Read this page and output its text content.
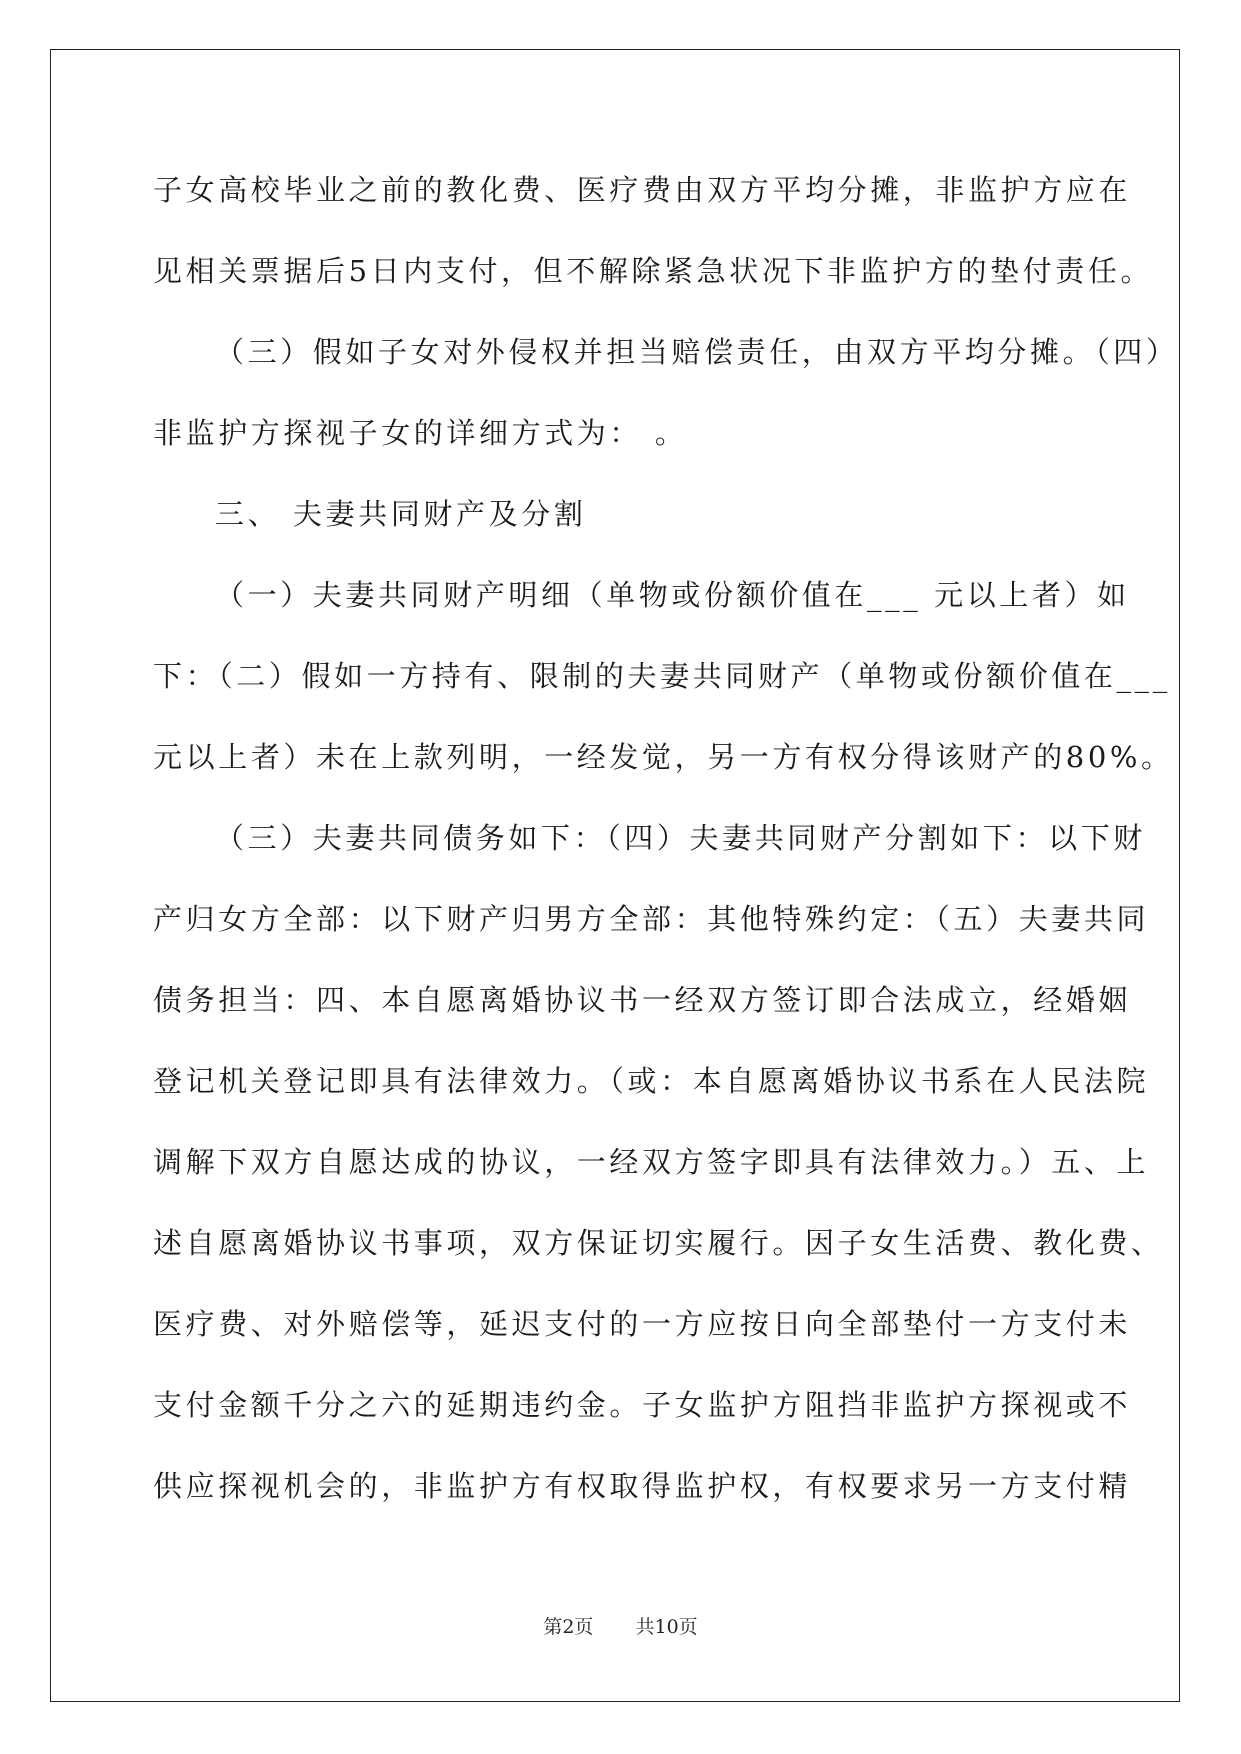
子女高校毕业之前的教化费、医疗费由双方平均分摊，非监护方应在
见相关票据后5日内支付，但不解除紧急状况下非监护方的垫付责任。
（三）假如子女对外侵权并担当赔偿责任，由双方平均分摊。（四）
非监护方探视子女的详细方式为： 。
三、 夫妻共同财产及分割
（一）夫妻共同财产明细（单物或份额价值在___ 元以上者）如
下：（二）假如一方持有、限制的夫妻共同财产（单物或份额价值在___
元以上者）未在上款列明，一经发觉，另一方有权分得该财产的80%。
（三）夫妻共同债务如下：（四）夫妻共同财产分割如下：以下财
产归女方全部：以下财产归男方全部：其他特殊约定：（五）夫妻共同
债务担当：四、本自愿离婚协议书一经双方签订即合法成立，经婚姻
登记机关登记即具有法律效力。（或：本自愿离婚协议书系在人民法院
调解下双方自愿达成的协议，一经双方签字即具有法律效力。）五、上
述自愿离婚协议书事项，双方保证切实履行。因子女生活费、教化费、
医疗费、对外赔偿等，延迟支付的一方应按日向全部垫付一方支付未
支付金额千分之六的延期违约金。子女监护方阻挡非监护方探视或不
供应探视机会的，非监护方有权取得监护权，有权要求另一方支付精
第2页 共10页
